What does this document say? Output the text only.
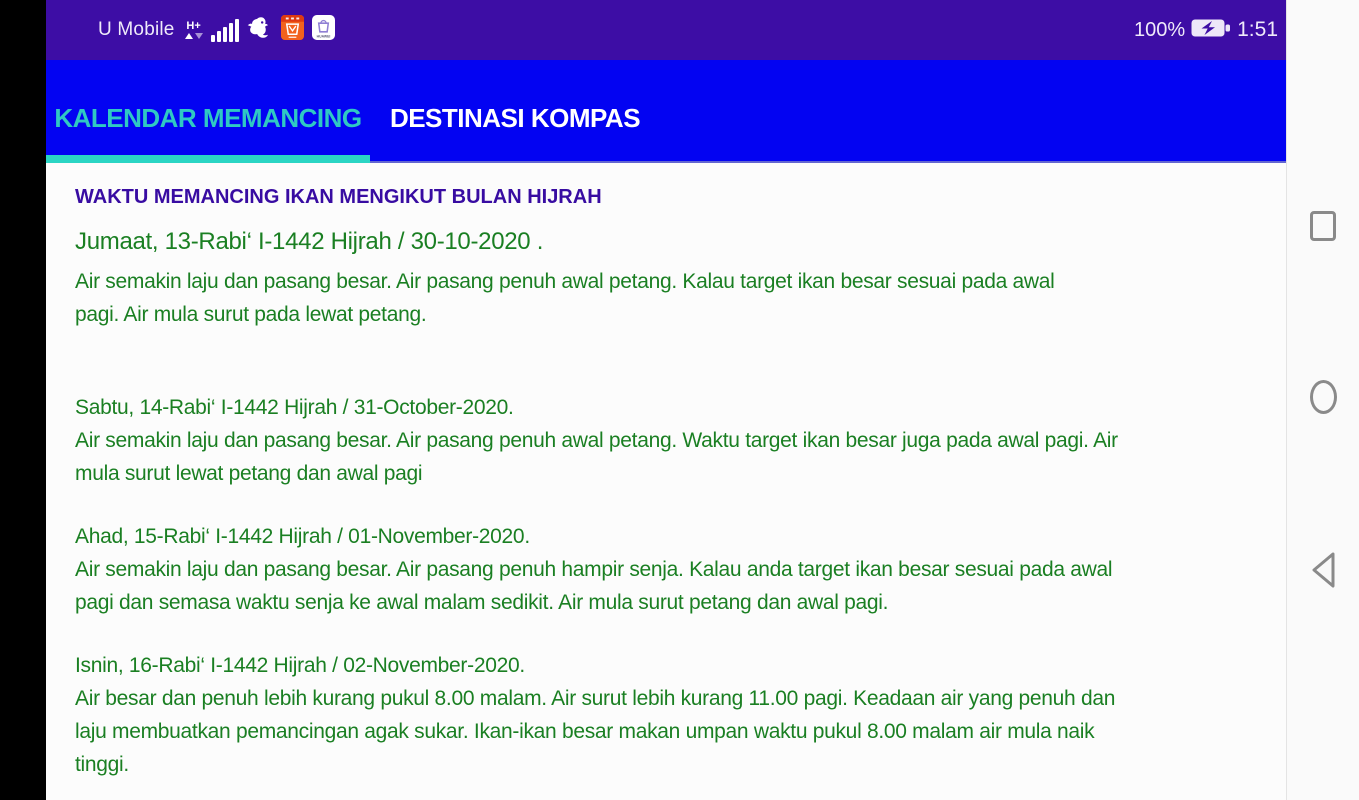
U Mobile H+
HUAWEI	100% 1:51
KALENDAR MEMANCING DESTINASI KOMPAS
WAKTU MEMANCING IKAN MENGIKUT BULAN HIJRAH
Jumaat, 13-Rabi‘ I-1442 Hijrah / 30-10-2020 .
Air semakin laju dan pasang besar. Air pasang penuh awal petang. Kalau target ikan besar sesuai pada awal
pagi. Air mula surut pada lewat petang.
Sabtu, 14-Rabi‘ I-1442 Hijrah / 31-October-2020.
Air semakin laju dan pasang besar. Air pasang penuh awal petang. Waktu target ikan besar juga pada awal pagi. Air
mula surut lewat petang dan awal pagi
Ahad, 15-Rabi‘ I-1442 Hijrah / 01-November-2020.
Air semakin laju dan pasang besar. Air pasang penuh hampir senja. Kalau anda target ikan besar sesuai pada awal
pagi dan semasa waktu senja ke awal malam sedikit. Air mula surut petang dan awal pagi.
Isnin, 16-Rabi‘ I-1442 Hijrah / 02-November-2020.
Air besar dan penuh lebih kurang pukul 8.00 malam. Air surut lebih kurang 11.00 pagi. Keadaan air yang penuh dan
laju membuatkan pemancingan agak sukar. Ikan-ikan besar makan umpan waktu pukul 8.00 malam air mula naik
tinggi.
